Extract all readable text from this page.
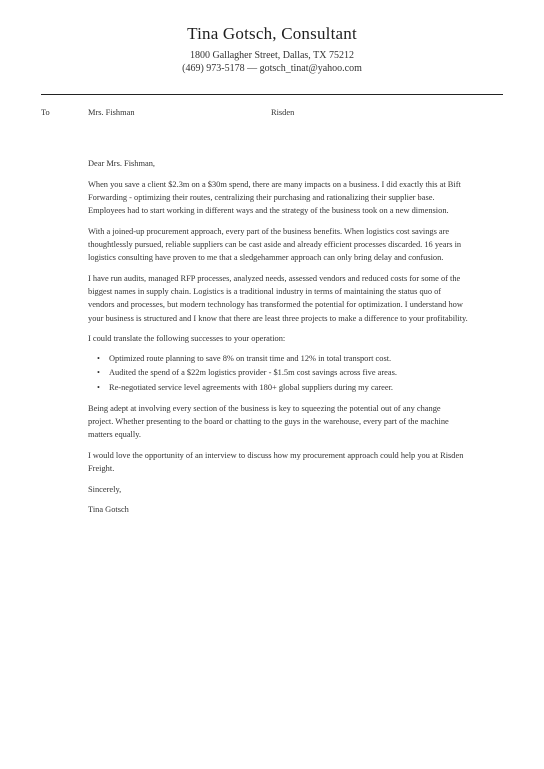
Tina Gotsch, Consultant
1800 Gallagher Street, Dallas, TX 75212
(469) 973-5178 — gotsch_tinat@yahoo.com
To	Mrs. Fishman	Risden

Dear Mrs. Fishman,

When you save a client $2.3m on a $30m spend, there are many impacts on a business. I did exactly this at Bift Forwarding - optimizing their routes, centralizing their purchasing and rationalizing their supplier base. Employees had to start working in different ways and the strategy of the business took on a new dimension.

With a joined-up procurement approach, every part of the business benefits. When logistics cost savings are thoughtlessly pursued, reliable suppliers can be cast aside and already efficient processes discarded. 16 years in logistics consulting have proven to me that a sledgehammer approach can only bring delay and confusion.

I have run audits, managed RFP processes, analyzed needs, assessed vendors and reduced costs for some of the biggest names in supply chain. Logistics is a traditional industry in terms of maintaining the status quo of vendors and processes, but modern technology has transformed the potential for optimization. I understand how your business is structured and I know that there are least three projects to make a difference to your profitability.

I could translate the following successes to your operation:

• Optimized route planning to save 8% on transit time and 12% in total transport cost.
• Audited the spend of a $22m logistics provider - $1.5m cost savings across five areas.
• Re-negotiated service level agreements with 180+ global suppliers during my career.

Being adept at involving every section of the business is key to squeezing the potential out of any change project. Whether presenting to the board or chatting to the guys in the warehouse, every part of the machine matters equally.

I would love the opportunity of an interview to discuss how my procurement approach could help you at Risden Freight.

Sincerely,

Tina Gotsch
